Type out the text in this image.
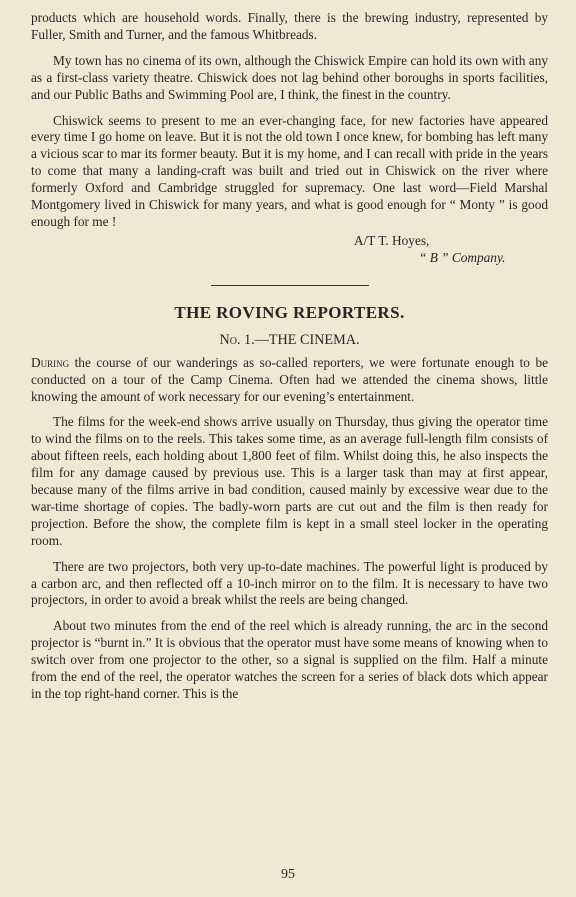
products which are household words. Finally, there is the brewing industry, represented by Fuller, Smith and Turner, and the famous Whitbreads.

My town has no cinema of its own, although the Chiswick Empire can hold its own with any as a first-class variety theatre. Chiswick does not lag behind other boroughs in sports facilities, and our Public Baths and Swimming Pool are, I think, the finest in the country.

Chiswick seems to present to me an ever-changing face, for new factories have appeared every time I go home on leave. But it is not the old town I once knew, for bombing has left many a vicious scar to mar its former beauty. But it is my home, and I can recall with pride in the years to come that many a landing-craft was built and tried out in Chiswick on the river where formerly Oxford and Cambridge struggled for supremacy. One last word—Field Marshal Montgomery lived in Chiswick for many years, and what is good enough for “ Monty ” is good enough for me !

A/T T. Hoyes,
“ B ” Company.
THE ROVING REPORTERS.

No. 1.—THE CINEMA.

During the course of our wanderings as so-called reporters, we were fortunate enough to be conducted on a tour of the Camp Cinema. Often had we attended the cinema shows, little knowing the amount of work necessary for our evening’s entertainment.

The films for the week-end shows arrive usually on Thursday, thus giving the operator time to wind the films on to the reels. This takes some time, as an average full-length film consists of about fifteen reels, each holding about 1,800 feet of film. Whilst doing this, he also inspects the film for any damage caused by previous use. This is a larger task than may at first appear, because many of the films arrive in bad condition, caused mainly by excessive wear due to the war-time shortage of copies. The badly-worn parts are cut out and the film is then ready for projection. Before the show, the complete film is kept in a small steel locker in the operating room.

There are two projectors, both very up-to-date machines. The powerful light is produced by a carbon arc, and then reflected off a 10-inch mirror on to the film. It is necessary to have two projectors, in order to avoid a break whilst the reels are being changed.

About two minutes from the end of the reel which is already running, the arc in the second projector is “burnt in.” It is obvious that the operator must have some means of knowing when to switch over from one projector to the other, so a signal is supplied on the film. Half a minute from the end of the reel, the operator watches the screen for a series of black dots which appear in the top right-hand corner. This is the

95
